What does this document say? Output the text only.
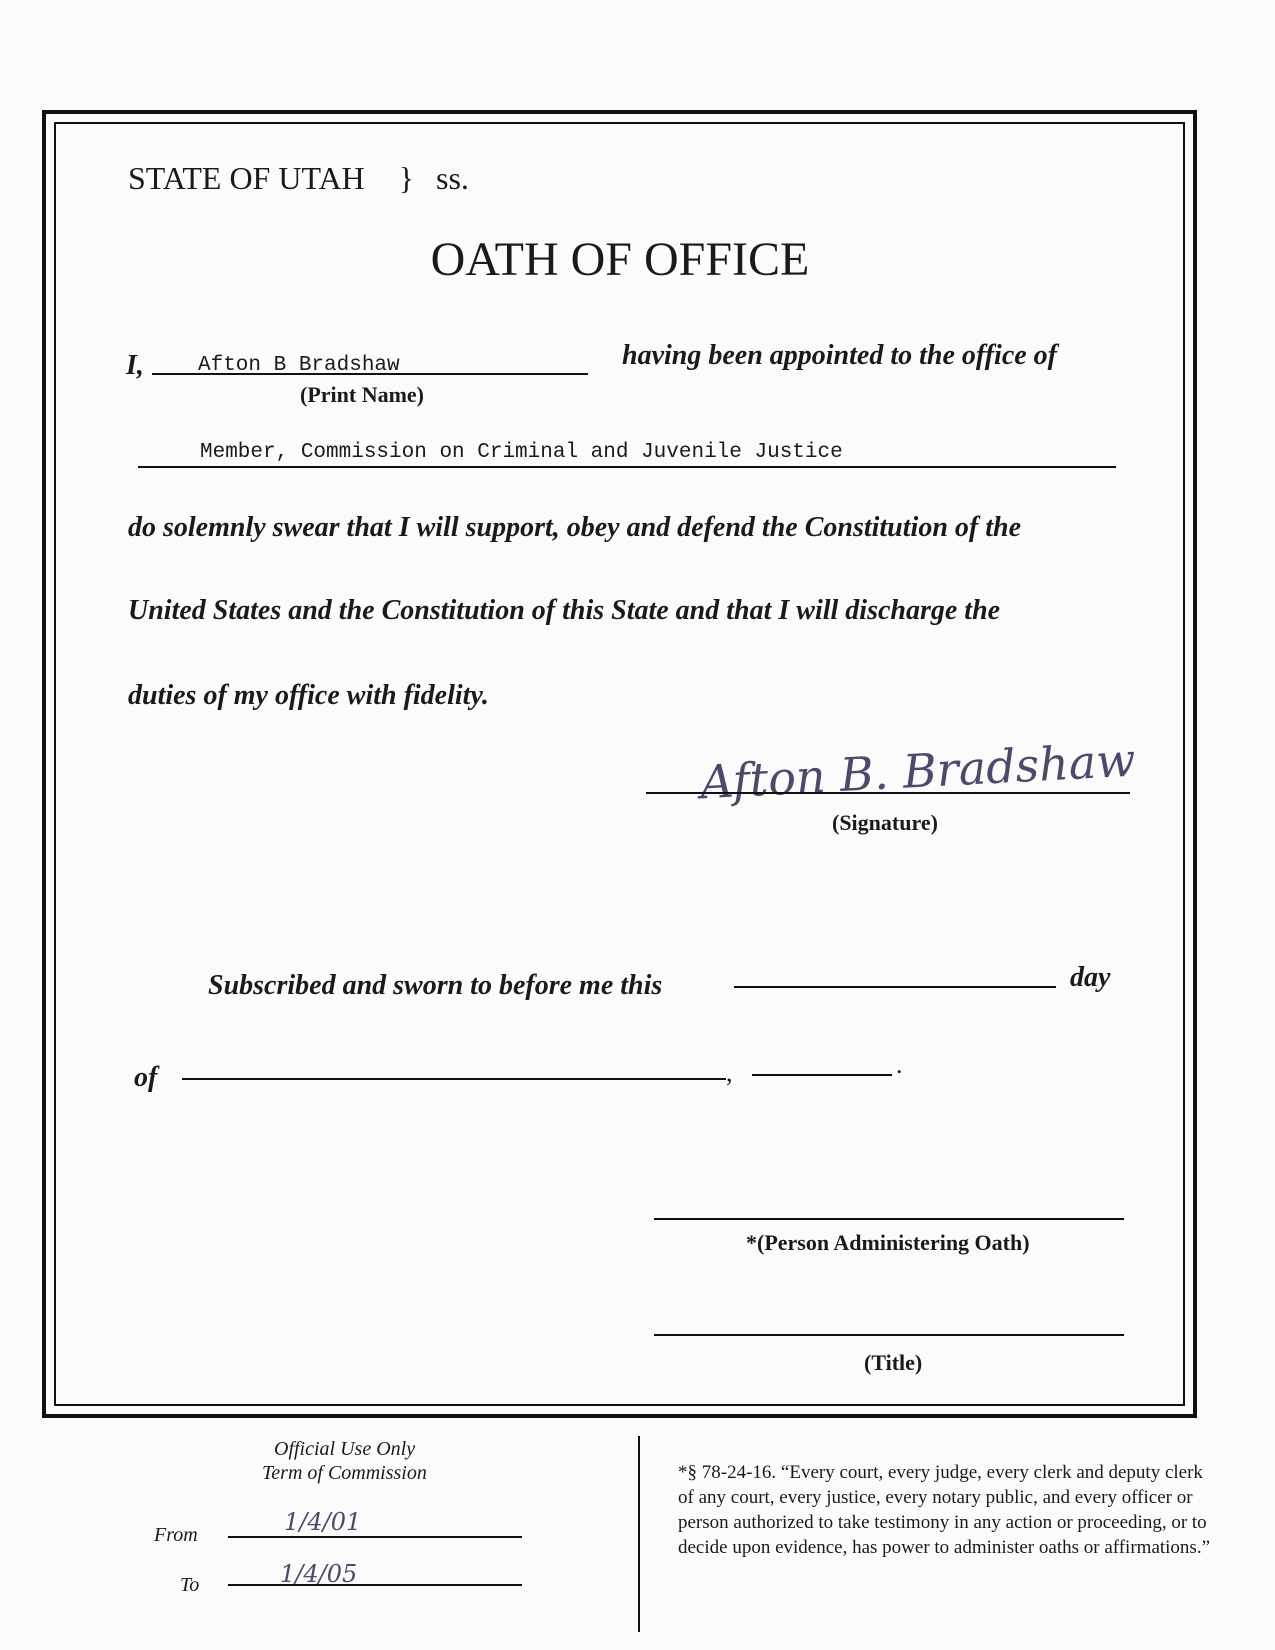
STATE OF UTAH } ss.
OATH OF OFFICE
I,	Afton B Bradshaw
(Print Name)
having been appointed to the office of
Member, Commission on Criminal and Juvenile Justice
do solemnly swear that I will support, obey and defend the Constitution of the
United States and the Constitution of this State and that I will discharge the
duties of my office with fidelity.
Afton B. Bradshaw
(Signature)
Subscribed and sworn to before me this	day
of	,	.
*(Person Administering Oath)
(Title)
Official Use Only
Term of Commission
From	1/4/01
To	1/4/05
*§ 78-24-16. “Every court, every judge, every clerk and deputy clerk of any court, every justice, every notary public, and every officer or person authorized to take testimony in any action or proceeding, or to decide upon evidence, has power to administer oaths or affirmations.”
